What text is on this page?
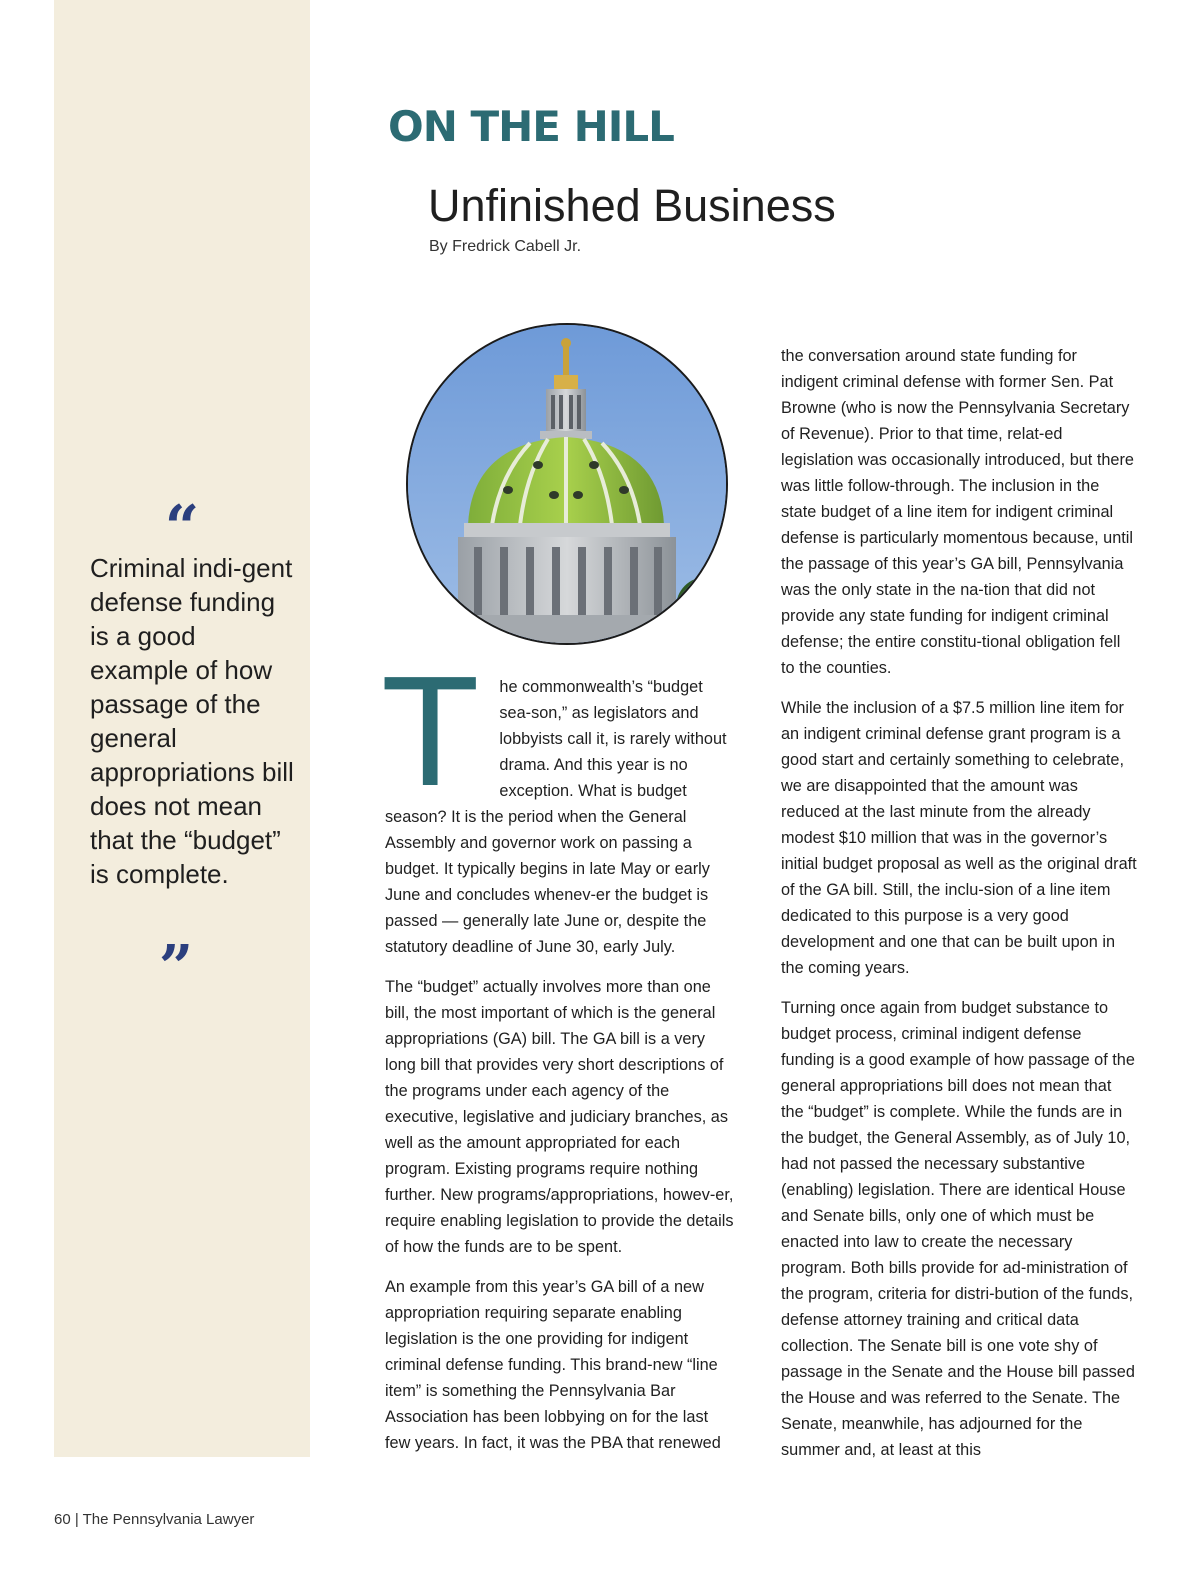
“
Criminal indi-gent defense funding is a good example of how passage of the general appropriations bill does not mean that the “budget” is complete.
”
ON THE HILL
Unfinished Business
By Fredrick Cabell Jr.

T he commonwealth’s “budget sea-son,” as legislators and lobbyists call it, is rarely without drama. And this year is no exception. What is budget season? It is the period when the General Assembly and governor work on passing a budget. It typically begins in late May or early June and concludes whenev-er the budget is passed — generally late June or, despite the statutory deadline of June 30, early July.

The “budget” actually involves more than one bill, the most important of which is the general appropriations (GA) bill. The GA bill is a very long bill that provides very short descriptions of the programs under each agency of the executive, legislative and judiciary branches, as well as the amount appropriated for each program. Existing programs require nothing further. New programs/appropriations, howev-er, require enabling legislation to provide the details of how the funds are to be spent.

An example from this year’s GA bill of a new appropriation requiring separate enabling legislation is the one providing for indigent criminal defense funding. This brand-new “line item” is something the Pennsylvania Bar Association has been lobbying on for the last few years. In fact, it was the PBA that renewed

the conversation around state funding for indigent criminal defense with former Sen. Pat Browne (who is now the Pennsylvania Secretary of Revenue). Prior to that time, relat-ed legislation was occasionally introduced, but there was little follow-through. The inclusion in the state budget of a line item for indigent criminal defense is particularly momentous because, until the passage of this year’s GA bill, Pennsylvania was the only state in the na-tion that did not provide any state funding for indigent criminal defense; the entire constitu-tional obligation fell to the counties.

While the inclusion of a $7.5 million line item for an indigent criminal defense grant program is a good start and certainly something to celebrate, we are disappointed that the amount was reduced at the last minute from the already modest $10 million that was in the governor’s initial budget proposal as well as the original draft of the GA bill. Still, the inclu-sion of a line item dedicated to this purpose is a very good development and one that can be built upon in the coming years.

Turning once again from budget substance to budget process, criminal indigent defense funding is a good example of how passage of the general appropriations bill does not mean that the “budget” is complete. While the funds are in the budget, the General Assembly, as of July 10, had not passed the necessary substantive (enabling) legislation. There are identical House and Senate bills, only one of which must be enacted into law to create the necessary program. Both bills provide for ad-ministration of the program, criteria for distri-bution of the funds, defense attorney training and critical data collection. The Senate bill is one vote shy of passage in the Senate and the House bill passed the House and was referred to the Senate. The Senate, meanwhile, has adjourned for the summer and, at least at this

60 | The Pennsylvania Lawyer
